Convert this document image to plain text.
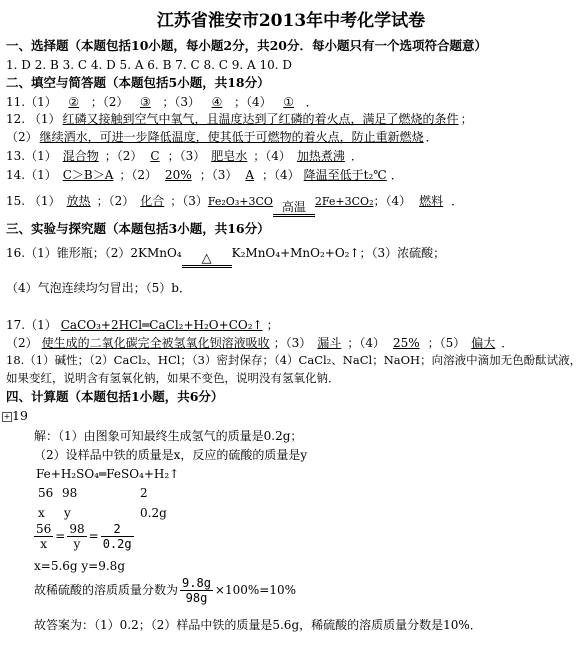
江苏省淮安市2013年中考化学试卷
一、选择题（本题包括10小题，每小题2分，共20分．每小题只有一个选项符合题意）
1. D 2. B 3. C 4. D 5. A 6. B 7. C 8. C 9. A 10. D
二、填空与简答题（本题包括5小题，共18分）
11.（1） ② ；（2） ③ ；（3） ④ ；（4） ① ．
12. （1） 红磷又接触到空气中氧气，且温度达到了红磷的着火点，满足了燃烧的条件 ；
（2） 继续洒水，可进一步降低温度，使其低于可燃物的着火点，防止重新燃烧 ．
13.（1） 混合物 ；（2） C ；（3） 肥皂水 ；（4） 加热煮沸 ．
14.（1） C＞B＞A ；（2） 20% ；（3） A ；（4） 降温至低于t₂℃ ．
15. （1） 放热 ；（2） 化合 ；（3）Fe₂O₃+3CO 高温 2Fe+3CO₂；（4） 燃料 ．
三、实验与探究题（本题包括3小题，共16分）
16.（1）锥形瓶；（2）2KMnO₄	△	K₂MnO₄+MnO₂+O₂↑；（3）浓硫酸；
（4）气泡连续均匀冒出；（5）b．
17.（1） CaCO₃+2HCl═CaCl₂+H₂O+CO₂↑ ；
（2） 使生成的二氧化碳完全被氢氧化钡溶液吸收 ；（3） 漏斗 ；（4） 25% ；（5） 偏大 ．
18.（1）碱性；（2）CaCl₂、HCl；（3）密封保存；（4）CaCl₂、NaCl；NaOH；向溶液中滴加无色酚酞试液，
如果变红，说明含有氢氧化钠，如果不变色，说明没有氢氧化钠．
四、计算题（本题包括1小题，共6分）
+ 19
解：（1）由图象可知最终生成氢气的质量是0.2g；
（2）设样品中铁的质量是x，反应的硫酸的质量是y
Fe+H₂SO₄═FeSO₄+H₂↑
56 98	2
x y	0.2g
$\frac{56}{x} = \frac{98}{y} = \frac{2}{0.2g}$
x=5.6g y=9.8g
故稀硫酸的溶质质量分数为 $\frac{9.8g}{98g} \times 100\%=10\%$
故答案为：（1）0.2；（2）样品中铁的质量是5.6g，稀硫酸的溶质质量分数是10%．
